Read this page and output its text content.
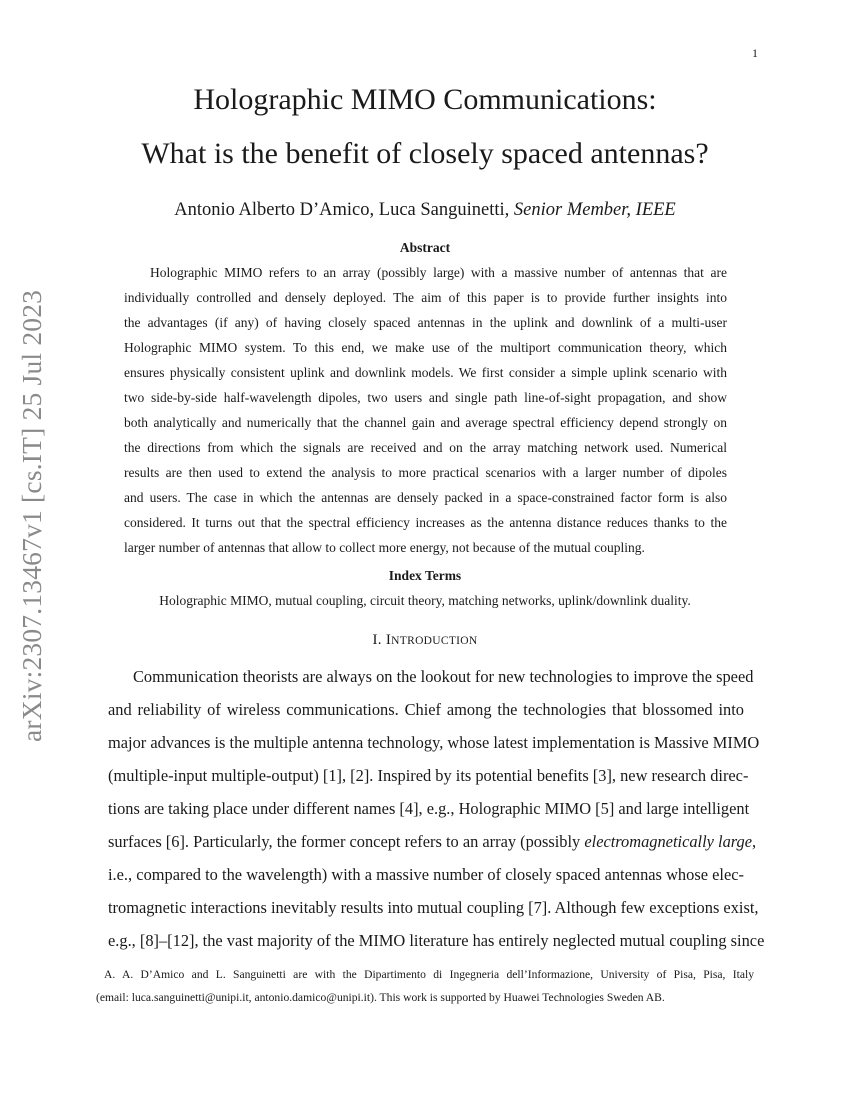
1
arXiv:2307.13467v1 [cs.IT] 25 Jul 2023
Holographic MIMO Communications:
What is the benefit of closely spaced antennas?
Antonio Alberto D’Amico, Luca Sanguinetti, Senior Member, IEEE
Abstract
Holographic MIMO refers to an array (possibly large) with a massive number of antennas that are
individually controlled and densely deployed. The aim of this paper is to provide further insights into
the advantages (if any) of having closely spaced antennas in the uplink and downlink of a multi-user
Holographic MIMO system. To this end, we make use of the multiport communication theory, which
ensures physically consistent uplink and downlink models. We first consider a simple uplink scenario with
two side-by-side half-wavelength dipoles, two users and single path line-of-sight propagation, and show
both analytically and numerically that the channel gain and average spectral efficiency depend strongly on
the directions from which the signals are received and on the array matching network used. Numerical
results are then used to extend the analysis to more practical scenarios with a larger number of dipoles
and users. The case in which the antennas are densely packed in a space-constrained factor form is also
considered. It turns out that the spectral efficiency increases as the antenna distance reduces thanks to the
larger number of antennas that allow to collect more energy, not because of the mutual coupling.
Index Terms
Holographic MIMO, mutual coupling, circuit theory, matching networks, uplink/downlink duality.
I. INTRODUCTION
Communication theorists are always on the lookout for new technologies to improve the speed
and reliability of wireless communications. Chief among the technologies that blossomed into
major advances is the multiple antenna technology, whose latest implementation is Massive MIMO
(multiple-input multiple-output) [1], [2]. Inspired by its potential benefits [3], new research direc-
tions are taking place under different names [4], e.g., Holographic MIMO [5] and large intelligent
surfaces [6]. Particularly, the former concept refers to an array (possibly electromagnetically large,
i.e., compared to the wavelength) with a massive number of closely spaced antennas whose elec-
tromagnetic interactions inevitably results into mutual coupling [7]. Although few exceptions exist,
e.g., [8]–[12], the vast majority of the MIMO literature has entirely neglected mutual coupling since
A. A. D’Amico and L. Sanguinetti are with the Dipartimento di Ingegneria dell’Informazione, University of Pisa, Pisa, Italy
(email: luca.sanguinetti@unipi.it, antonio.damico@unipi.it). This work is supported by Huawei Technologies Sweden AB.
